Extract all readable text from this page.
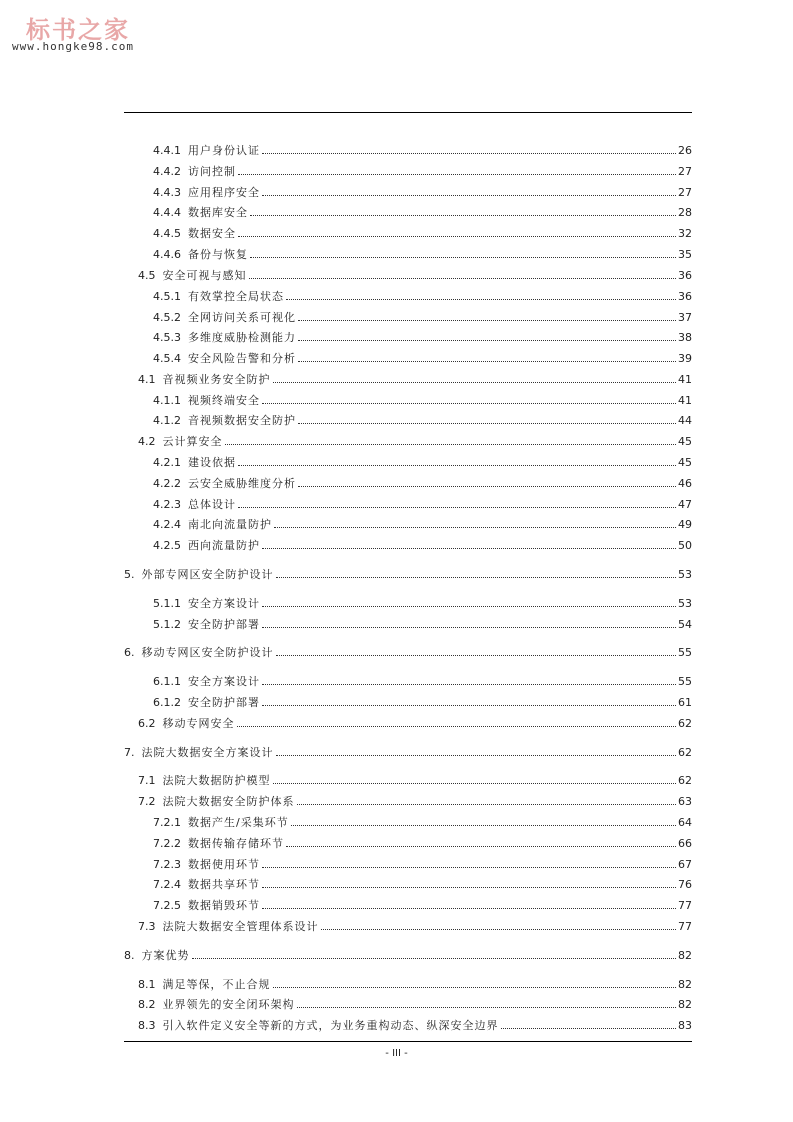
标书之家
www.hongke98.com
4.4.1 用户身份认证	26
4.4.2 访问控制	27
4.4.3 应用程序安全	27
4.4.4 数据库安全	28
4.4.5 数据安全	32
4.4.6 备份与恢复	35
4.5 安全可视与感知	36
4.5.1 有效掌控全局状态	36
4.5.2 全网访问关系可视化	37
4.5.3 多维度威胁检测能力	38
4.5.4 安全风险告警和分析	39
4.1 音视频业务安全防护	41
4.1.1 视频终端安全	41
4.1.2 音视频数据安全防护	44
4.2 云计算安全	45
4.2.1 建设依据	45
4.2.2 云安全威胁维度分析	46
4.2.3 总体设计	47
4.2.4 南北向流量防护	49
4.2.5 西向流量防护	50
5. 外部专网区安全防护设计	53
5.1.1 安全方案设计	53
5.1.2 安全防护部署	54
6. 移动专网区安全防护设计	55
6.1.1 安全方案设计	55
6.1.2 安全防护部署	61
6.2 移动专网安全	62
7. 法院大数据安全方案设计	62
7.1 法院大数据防护模型	62
7.2 法院大数据安全防护体系	63
7.2.1 数据产生/采集环节	64
7.2.2 数据传输存储环节	66
7.2.3 数据使用环节	67
7.2.4 数据共享环节	76
7.2.5 数据销毁环节	77
7.3 法院大数据安全管理体系设计	77
8. 方案优势	82
8.1 满足等保，不止合规	82
8.2 业界领先的安全闭环架构	82
8.3 引入软件定义安全等新的方式，为业务重构动态、纵深安全边界	83
- III -
